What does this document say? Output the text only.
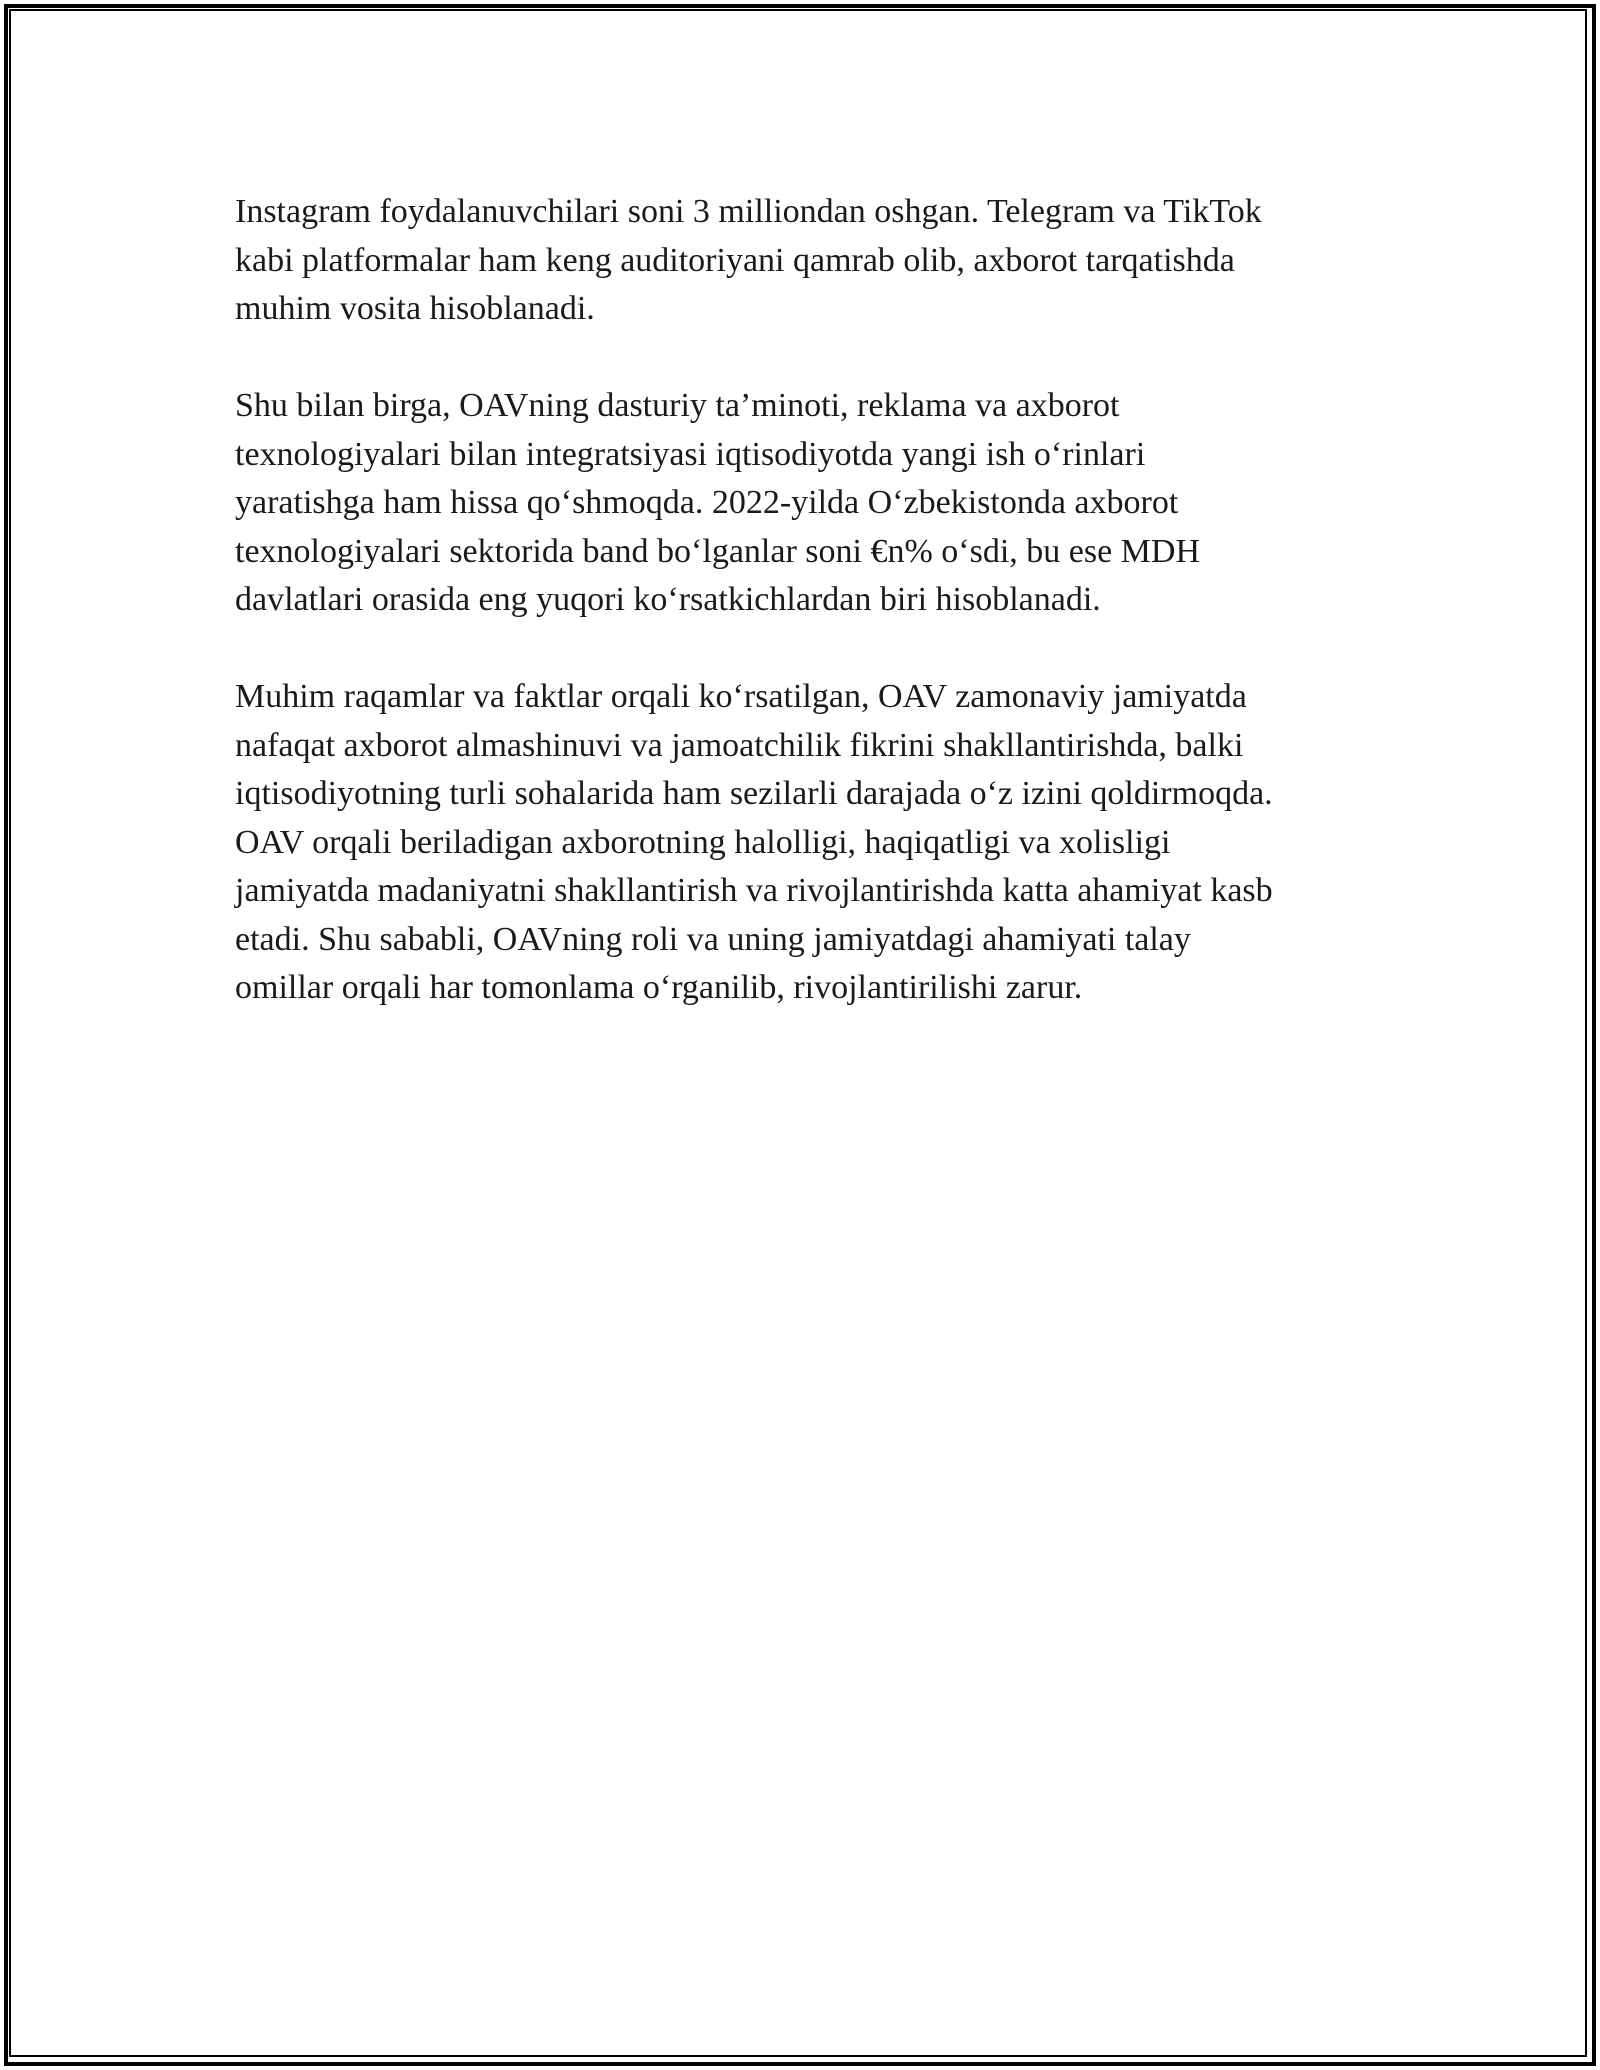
Instagram foydalanuvchilari soni 3 milliondan oshgan. Telegram va TikTok
kabi platformalar ham keng auditoriyani qamrab olib, axborot tarqatishda
muhim vosita hisoblanadi.

Shu bilan birga, OAVning dasturiy ta’minoti, reklama va axborot
texnologiyalari bilan integratsiyasi iqtisodiyotda yangi ish o‘rinlari
yaratishga ham hissa qo‘shmoqda. 2022-yilda O‘zbekistonda axborot
texnologiyalari sektorida band bo‘lganlar soni €n% o‘sdi, bu ese MDH
davlatlari orasida eng yuqori ko‘rsatkichlardan biri hisoblanadi.

Muhim raqamlar va faktlar orqali ko‘rsatilgan, OAV zamonaviy jamiyatda
nafaqat axborot almashinuvi va jamoatchilik fikrini shakllantirishda, balki
iqtisodiyotning turli sohalarida ham sezilarli darajada o‘z izini qoldirmoqda.
OAV orqali beriladigan axborotning halolligi, haqiqatligi va xolisligi
jamiyatda madaniyatni shakllantirish va rivojlantirishda katta ahamiyat kasb
etadi. Shu sababli, OAVning roli va uning jamiyatdagi ahamiyati talay
omillar orqali har tomonlama o‘rganilib, rivojlantirilishi zarur.
